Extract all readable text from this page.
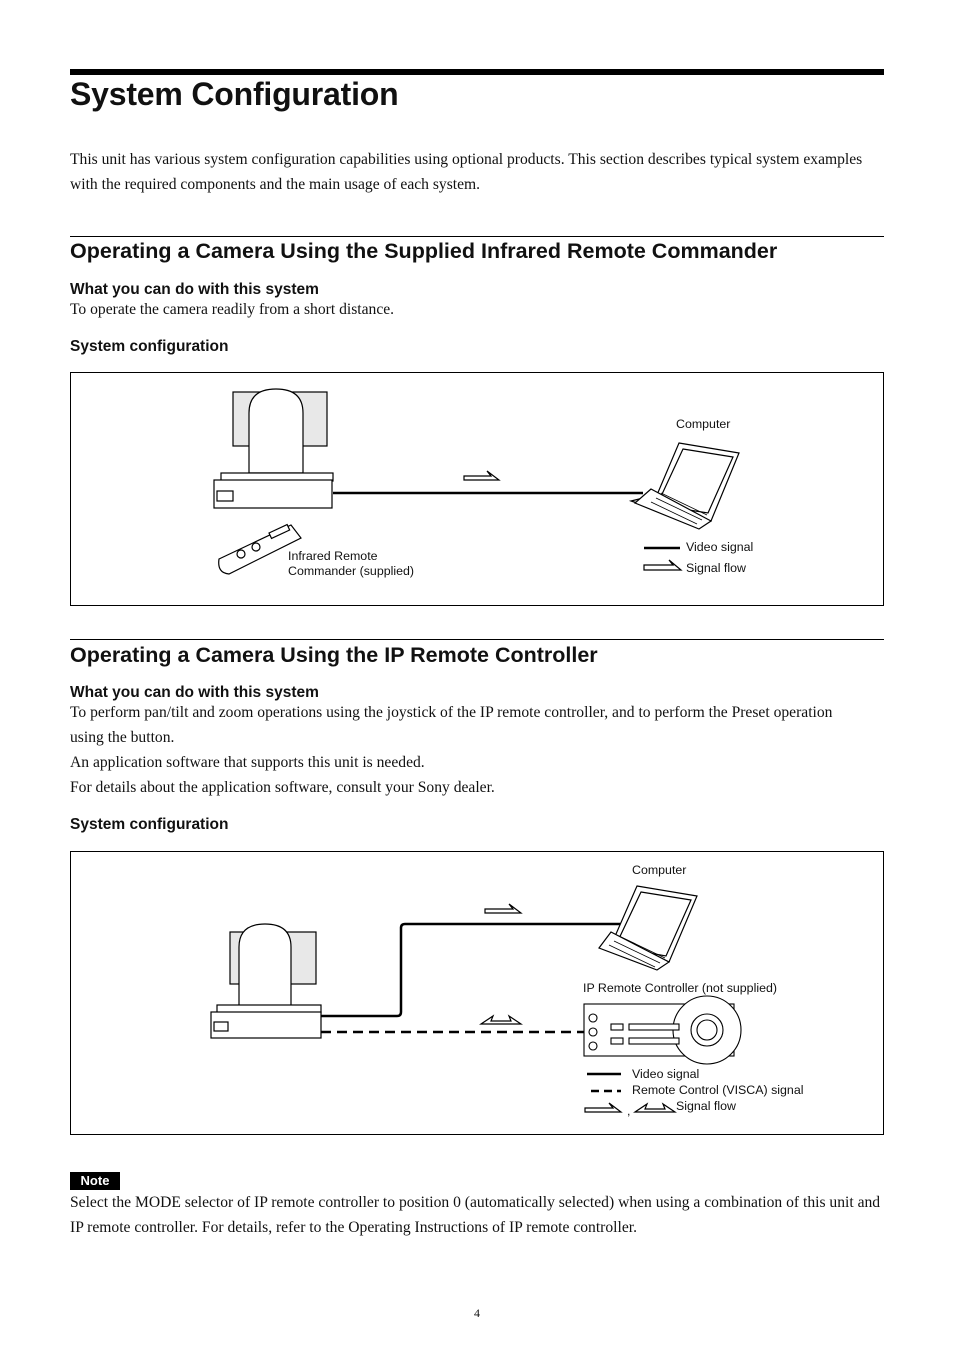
System Configuration

This unit has various system configuration capabilities using optional products. This section describes typical system examples with the required components and the main usage of each system.

Operating a Camera Using the Supplied Infrared Remote Commander
What you can do with this system

To operate the camera readily from a short distance.

System configuration
Computer
Infrared Remote
Commander (supplied)
Video signal
Signal flow
Operating a Camera Using the IP Remote Controller
What you can do with this system

To perform pan/tilt and zoom operations using the joystick of the IP remote controller, and to perform the Preset operation

using the button.

An application software that supports this unit is needed.

For details about the application software, consult your Sony dealer.

System configuration
Computer
IP Remote Controller (not supplied)
Video signal
Remote Control (VISCA) signal
,	Signal flow
Note

Select the MODE selector of IP remote controller to position 0 (automatically selected) when using a combination of this unit and IP remote controller. For details, refer to the Operating Instructions of IP remote controller.

4
